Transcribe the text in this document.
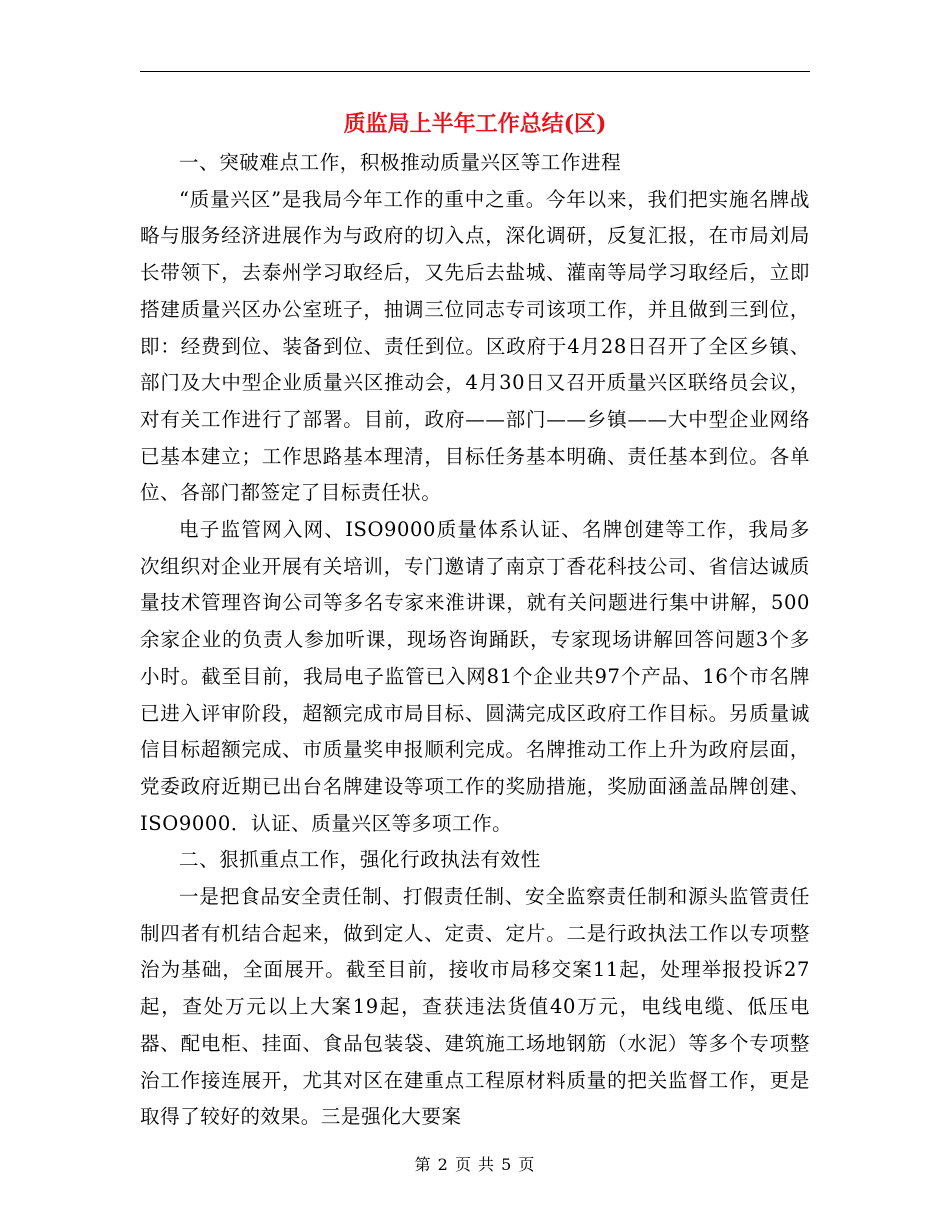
质监局上半年工作总结(区)

一、突破难点工作，积极推动质量兴区等工作进程

“质量兴区”是我局今年工作的重中之重。今年以来，我们把实施名牌战略与服务经济进展作为与政府的切入点，深化调研，反复汇报，在市局刘局长带领下，去泰州学习取经后，又先后去盐城、灌南等局学习取经后，立即搭建质量兴区办公室班子，抽调三位同志专司该项工作，并且做到三到位，即：经费到位、装备到位、责任到位。区政府于4月28日召开了全区乡镇、部门及大中型企业质量兴区推动会，4月30日又召开质量兴区联络员会议，对有关工作进行了部署。目前，政府——部门——乡镇——大中型企业网络已基本建立；工作思路基本理清，目标任务基本明确、责任基本到位。各单位、各部门都签定了目标责任状。

电子监管网入网、ISO9000质量体系认证、名牌创建等工作，我局多次组织对企业开展有关培训，专门邀请了南京丁香花科技公司、省信达诚质量技术管理咨询公司等多名专家来淮讲课，就有关问题进行集中讲解，500余家企业的负责人参加听课，现场咨询踊跃，专家现场讲解回答问题3个多小时。截至目前，我局电子监管已入网81个企业共97个产品、16个市名牌已进入评审阶段，超额完成市局目标、圆满完成区政府工作目标。另质量诚信目标超额完成、市质量奖申报顺利完成。名牌推动工作上升为政府层面，党委政府近期已出台名牌建设等项工作的奖励措施，奖励面涵盖品牌创建、ISO9000．认证、质量兴区等多项工作。

二、狠抓重点工作，强化行政执法有效性

一是把食品安全责任制、打假责任制、安全监察责任制和源头监管责任制四者有机结合起来，做到定人、定责、定片。二是行政执法工作以专项整治为基础，全面展开。截至目前，接收市局移交案11起，处理举报投诉27起，查处万元以上大案19起，查获违法货值40万元，电线电缆、低压电器、配电柜、挂面、食品包装袋、建筑施工场地钢筋（水泥）等多个专项整治工作接连展开，尤其对区在建重点工程原材料质量的把关监督工作，更是取得了较好的效果。三是强化大要案

第 2 页 共 5 页
